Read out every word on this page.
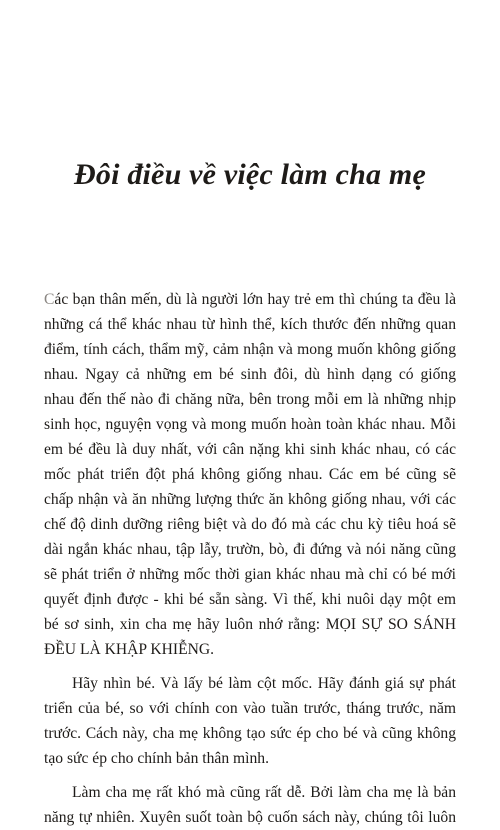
Đôi điều về việc làm cha mẹ
Các bạn thân mến, dù là người lớn hay trẻ em thì chúng ta đều là
những cá thể khác nhau từ hình thể, kích thước đến những quan
điểm, tính cách, thẩm mỹ, cảm nhận và mong muốn không giống
nhau. Ngay cả những em bé sinh đôi, dù hình dạng có giống
nhau đến thế nào đi chăng nữa, bên trong mỗi em là những nhịp
sinh học, nguyện vọng và mong muốn hoàn toàn khác nhau. Mỗi
em bé đều là duy nhất, với cân nặng khi sinh khác nhau, có các
mốc phát triển đột phá không giống nhau. Các em bé cũng sẽ
chấp nhận và ăn những lượng thức ăn không giống nhau, với các
chế độ dinh dưỡng riêng biệt và do đó mà các chu kỳ tiêu hoá sẽ
dài ngắn khác nhau, tập lẫy, trườn, bò, đi đứng và nói năng cũng
sẽ phát triển ở những mốc thời gian khác nhau mà chỉ có bé mới
quyết định được - khi bé sẵn sàng. Vì thế, khi nuôi dạy một em
bé sơ sinh, xin cha mẹ hãy luôn nhớ rằng: MỌI SỰ SO SÁNH
ĐỀU LÀ KHẬP KHIỄNG.
Hãy nhìn bé. Và lấy bé làm cột mốc. Hãy đánh giá sự phát
triển của bé, so với chính con vào tuần trước, tháng trước, năm
trước. Cách này, cha mẹ không tạo sức ép cho bé và cũng không
tạo sức ép cho chính bản thân mình.
Làm cha mẹ rất khó mà cũng rất dễ. Bởi làm cha mẹ là bản
năng tự nhiên. Xuyên suốt toàn bộ cuốn sách này, chúng tôi luôn
